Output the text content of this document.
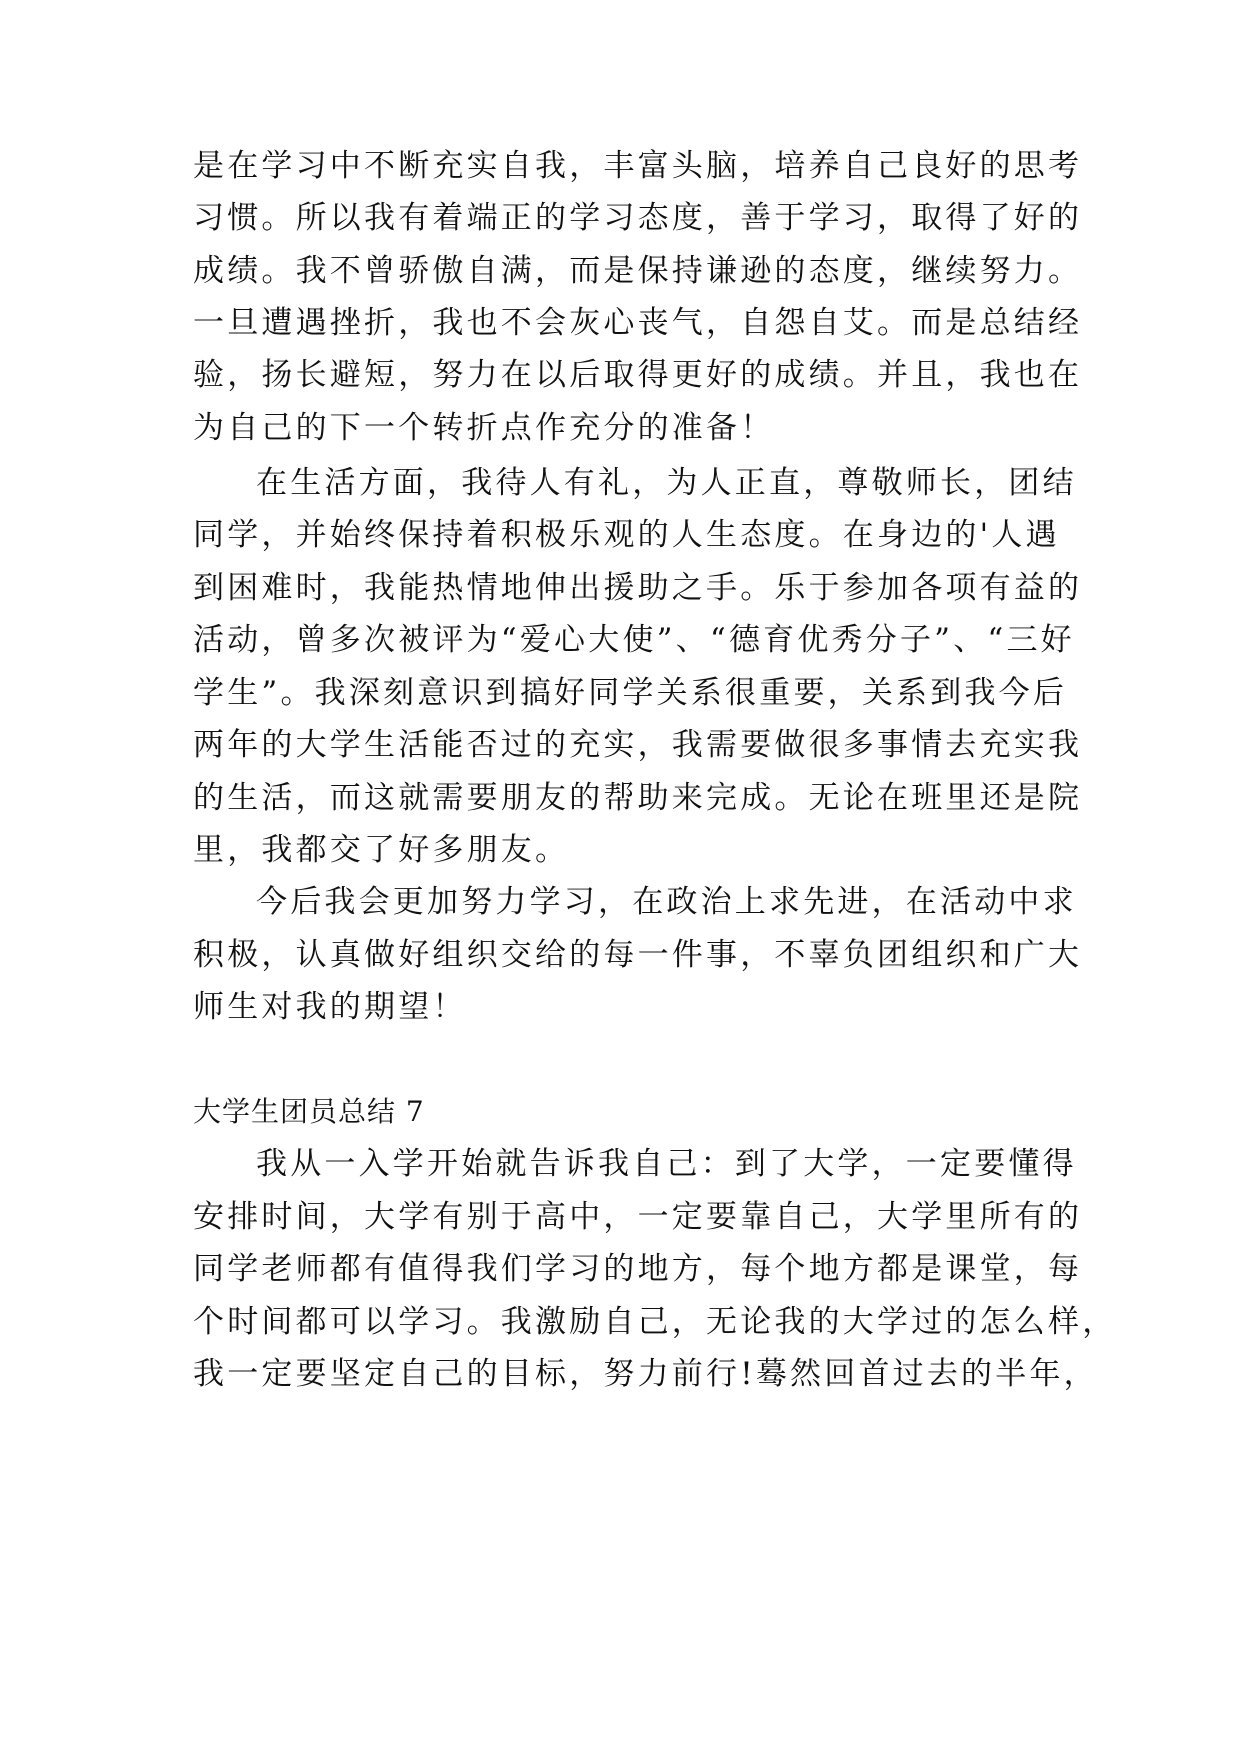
是在学习中不断充实自我，丰富头脑，培养自己良好的思考
习惯。所以我有着端正的学习态度，善于学习，取得了好的
成绩。我不曾骄傲自满，而是保持谦逊的态度，继续努力。
一旦遭遇挫折，我也不会灰心丧气，自怨自艾。而是总结经
验，扬长避短，努力在以后取得更好的成绩。并且，我也在
为自己的下一个转折点作充分的准备！
在生活方面，我待人有礼，为人正直，尊敬师长，团结
同学，并始终保持着积极乐观的人生态度。在身边的'人遇
到困难时，我能热情地伸出援助之手。乐于参加各项有益的
活动，曾多次被评为“爱心大使”、“德育优秀分子”、“三好
学生”。我深刻意识到搞好同学关系很重要，关系到我今后
两年的大学生活能否过的充实，我需要做很多事情去充实我
的生活，而这就需要朋友的帮助来完成。无论在班里还是院
里，我都交了好多朋友。
今后我会更加努力学习，在政治上求先进，在活动中求
积极，认真做好组织交给的每一件事，不辜负团组织和广大
师生对我的期望！
大学生团员总结 7
我从一入学开始就告诉我自己：到了大学，一定要懂得
安排时间，大学有别于高中，一定要靠自己，大学里所有的
同学老师都有值得我们学习的地方，每个地方都是课堂，每
个时间都可以学习。我激励自己，无论我的大学过的怎么样，
我一定要坚定自己的目标，努力前行!蓦然回首过去的半年，
